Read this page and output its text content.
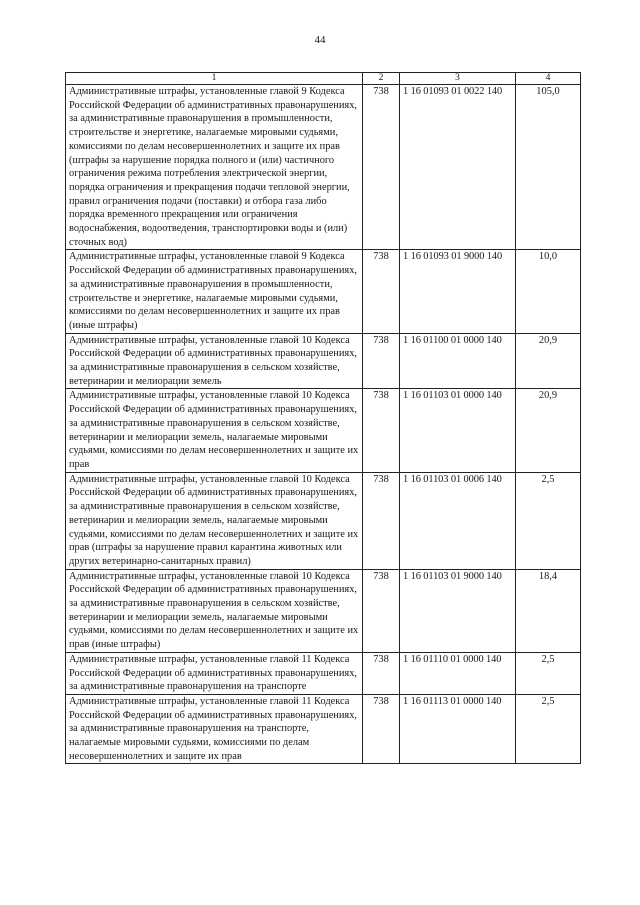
44
1	2	3	4
Административные штрафы, установленные главой 9 Кодекса Российской Федерации об административных правонарушениях, за административные правонарушения в промышленности, строительстве и энергетике, налагаемые мировыми судьями, комиссиями по делам несовершеннолетних и защите их прав (штрафы за нарушение порядка полного и (или) частичного ограничения режима потребления электрической энергии, порядка ограничения и прекращения подачи тепловой энергии, правил ограничения подачи (поставки) и отбора газа либо порядка временного прекращения или ограничения водоснабжения, водоотведения, транспортировки воды и (или) сточных вод)	738	1 16 01093 01 0022 140	105,0
Административные штрафы, установленные главой 9 Кодекса Российской Федерации об административных правонарушениях, за административные правонарушения в промышленности, строительстве и энергетике, налагаемые мировыми судьями, комиссиями по делам несовершеннолетних и защите их прав (иные штрафы)	738	1 16 01093 01 9000 140	10,0
Административные штрафы, установленные главой 10 Кодекса Российской Федерации об административных правонарушениях, за административные правонарушения в сельском хозяйстве, ветеринарии и мелиорации земель	738	1 16 01100 01 0000 140	20,9
Административные штрафы, установленные главой 10 Кодекса Российской Федерации об административных правонарушениях, за административные правонарушения в сельском хозяйстве, ветеринарии и мелиорации земель, налагаемые мировыми судьями, комиссиями по делам несовершеннолетних и защите их прав	738	1 16 01103 01 0000 140	20,9
Административные штрафы, установленные главой 10 Кодекса Российской Федерации об административных правонарушениях, за административные правонарушения в сельском хозяйстве, ветеринарии и мелиорации земель, налагаемые мировыми судьями, комиссиями по делам несовершеннолетних и защите их прав (штрафы за нарушение правил карантина животных или других ветеринарно-санитарных правил)	738	1 16 01103 01 0006 140	2,5
Административные штрафы, установленные главой 10 Кодекса Российской Федерации об административных правонарушениях, за административные правонарушения в сельском хозяйстве, ветеринарии и мелиорации земель, налагаемые мировыми судьями, комиссиями по делам несовершеннолетних и защите их прав (иные штрафы)	738	1 16 01103 01 9000 140	18,4
Административные штрафы, установленные главой 11 Кодекса Российской Федерации об административных правонарушениях, за административные правонарушения на транспорте	738	1 16 01110 01 0000 140	2,5
Административные штрафы, установленные главой 11 Кодекса Российской Федерации об административных правонарушениях, за административные правонарушения на транспорте, налагаемые мировыми судьями, комиссиями по делам несовершеннолетних и защите их прав	738	1 16 01113 01 0000 140	2,5
